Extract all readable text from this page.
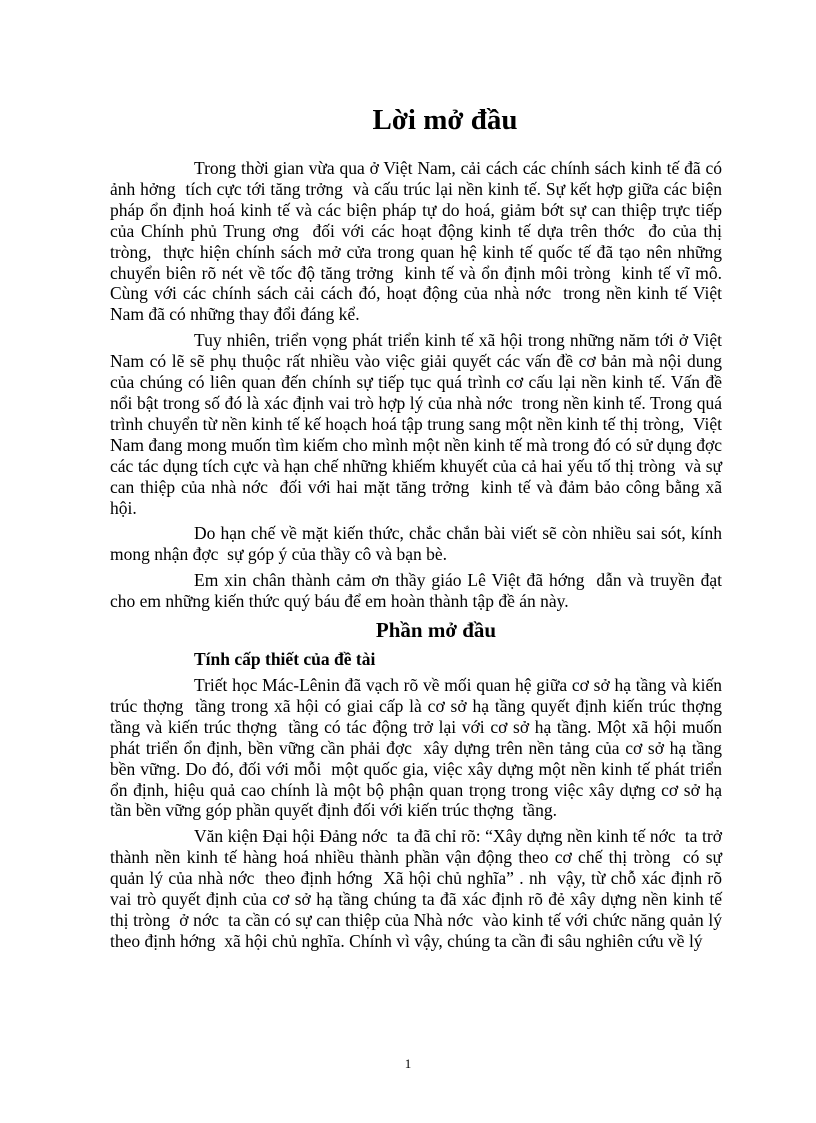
Lời mở đầu

Trong thời gian vừa qua ở Việt Nam, cải cách các chính sách kinh tế đã có ảnh hởng  tích cực tới tăng trởng  và cấu trúc lại nền kinh tế. Sự kết hợp giữa các biện pháp ổn định hoá kinh tế và các biện pháp tự do hoá, giảm bớt sự can thiệp trực tiếp của Chính phủ Trung ơng  đối với các hoạt động kinh tế dựa trên thớc  đo của thị tròng,  thực hiện chính sách mở cửa trong quan hệ kinh tế quốc tế đã tạo nên những chuyển biên rõ nét về tốc độ tăng trởng  kinh tế và ổn định môi tròng  kinh tế vĩ mô. Cùng với các chính sách cải cách đó, hoạt động của nhà nớc  trong nền kinh tế Việt Nam đã có những thay đổi đáng kể.

Tuy nhiên, triển vọng phát triển kinh tế xã hội trong những năm tới ở Việt Nam có lẽ sẽ phụ thuộc rất nhiều vào việc giải quyết các vấn đề cơ bản mà nội dung của chúng có liên quan đến chính sự tiếp tục quá trình cơ cấu lại nền kinh tế. Vấn đề nổi bật trong số đó là xác định vai trò hợp lý của nhà nớc  trong nền kinh tế. Trong quá trình chuyển từ nền kinh tế kế hoạch hoá tập trung sang một nền kinh tế thị tròng,  Việt Nam đang mong muốn tìm kiếm cho mình một nền kinh tế mà trong đó có sử dụng đợc  các tác dụng tích cực và hạn chế những khiếm khuyết của cả hai yếu tố thị tròng  và sự can thiệp của nhà nớc  đối với hai mặt tăng trởng  kinh tế và đảm bảo công bằng xã hội.

Do hạn chế về mặt kiến thức, chắc chắn bài viết sẽ còn nhiều sai sót, kính mong nhận đợc  sự góp ý của thầy cô và bạn bè.

Em xin chân thành cảm ơn thầy giáo Lê Việt đã hớng  dẫn và truyền đạt cho em những kiến thức quý báu để em hoàn thành tập đề án này.

Phần mở đầu
Tính cấp thiết của đề tài

Triết học Mác-Lênin đã vạch rõ về mối quan hệ giữa cơ sở hạ tầng và kiến trúc thợng  tầng trong xã hội có giai cấp là cơ sở hạ tầng quyết định kiến trúc thợng  tầng và kiến trúc thợng  tầng có tác động trở lại với cơ sở hạ tầng. Một xã hội muốn phát triển ổn định, bền vững cần phải đợc  xây dựng trên nền tảng của cơ sở hạ tầng bền vững. Do đó, đối với mỗi  một quốc gia, việc xây dựng một nền kinh tế phát triển ổn định, hiệu quả cao chính là một bộ phận quan trọng trong việc xây dựng cơ sở hạ tần bền vững góp phần quyết định đối với kiến trúc thợng  tầng.

Văn kiện Đại hội Đảng nớc  ta đã chỉ rõ: “Xây dựng nền kinh tế nớc  ta trở thành nền kinh tế hàng hoá nhiều thành phần vận động theo cơ chế thị tròng  có sự quản lý của nhà nớc  theo định hớng  Xã hội chủ nghĩa” . nh  vậy, từ chỗ xác định rõ vai trò quyết định của cơ sở hạ tầng chúng ta đã xác định rõ đẻ xây dựng nền kinh tế thị tròng  ở nớc  ta cần có sự can thiệp của Nhà nớc  vào kinh tế với chức năng quản lý theo định hớng  xã hội chủ nghĩa. Chính vì vậy, chúng ta cần đi sâu nghiên cứu về lý

1
